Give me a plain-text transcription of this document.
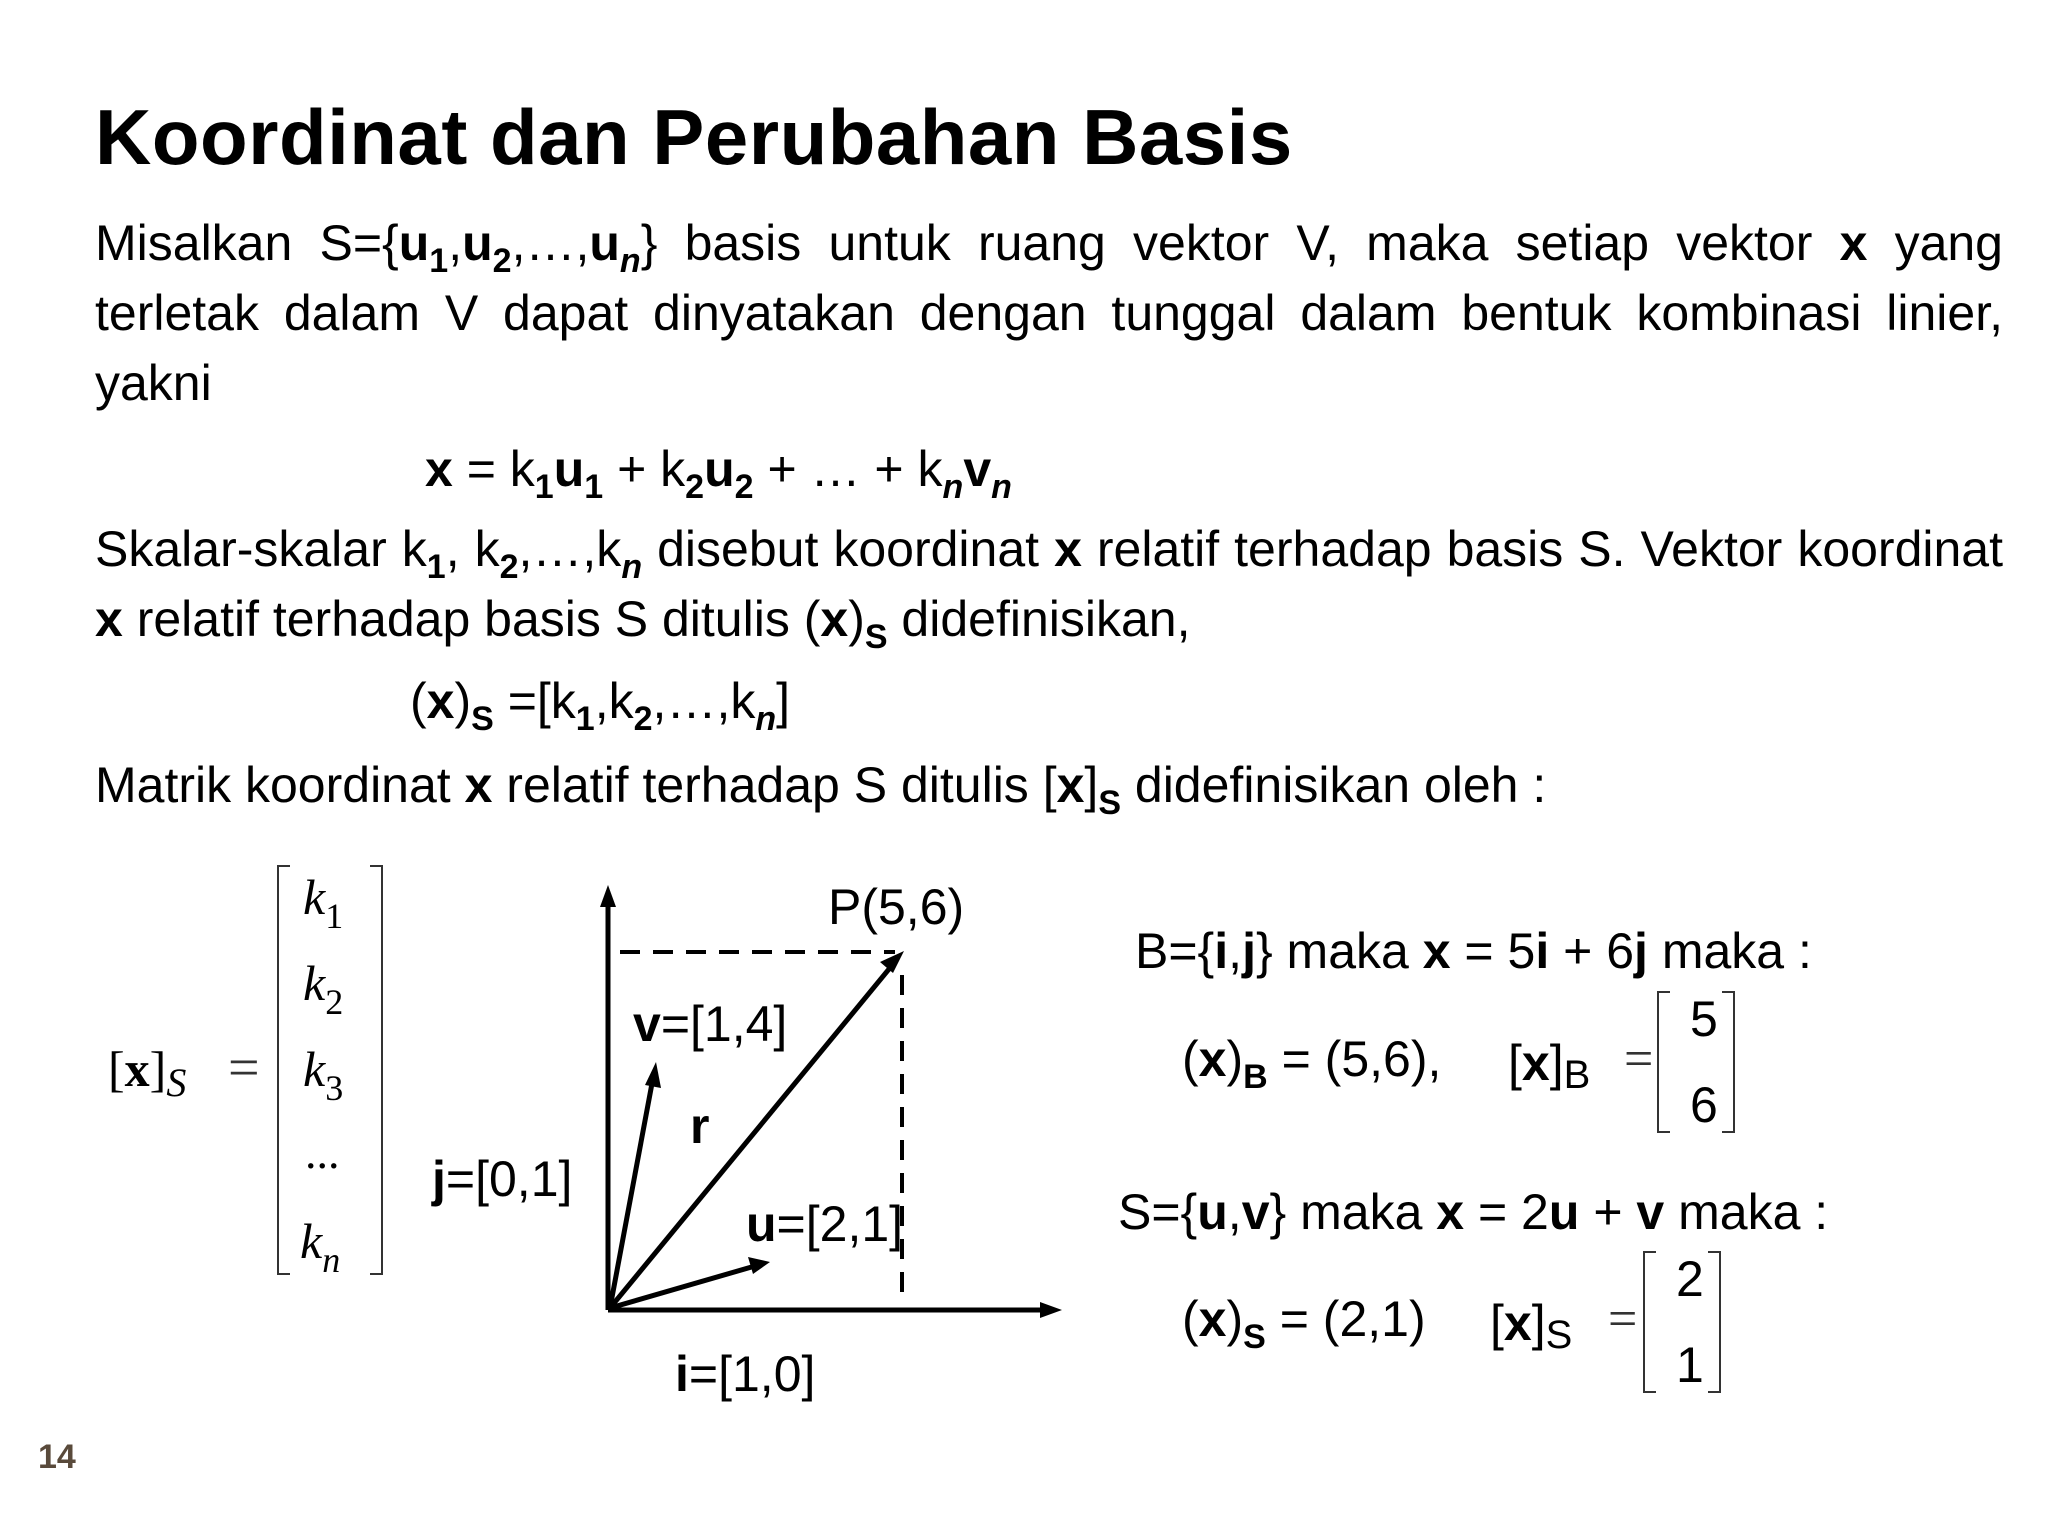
Koordinat dan Perubahan Basis
Misalkan $S=\{u_1,u_2,\dots,u_n\}$ basis untuk ruang vektor V, maka setiap vektor x yang terletak dalam V dapat dinyatakan dengan tunggal dalam bentuk kombinasi linier, yakni
$x = k_1u_1 + k_2u_2$ + … + $k_nv_n$
Skalar-skalar $k_1$, $k_2,\dots,k_n$ disebut koordinat x relatif terhadap basis S. Vektor koordinat x relatif terhadap basis S ditulis $(x)_S$ didefinisikan,
$(x)_S$ $=[k_1,k_2,\dots,k_n]$
Matrik koordinat x relatif terhadap S ditulis $[x]_S$ didefinisikan oleh :
$[x]_S$ =
$k_1$
$k_2$
$k_3$
...
$k_n$
P(5,6)
v=[1,4]
r
j=[0,1]
u=[2,1]
i=[1,0]
B={i,j} maka x = 5i + 6j maka :
$(x)_B = (5,6)$, [x]B =
5
6
S={u,v} maka x = 2u + v maka :
$(x)_S = (2,1) [x]S$ =
2
1
14
